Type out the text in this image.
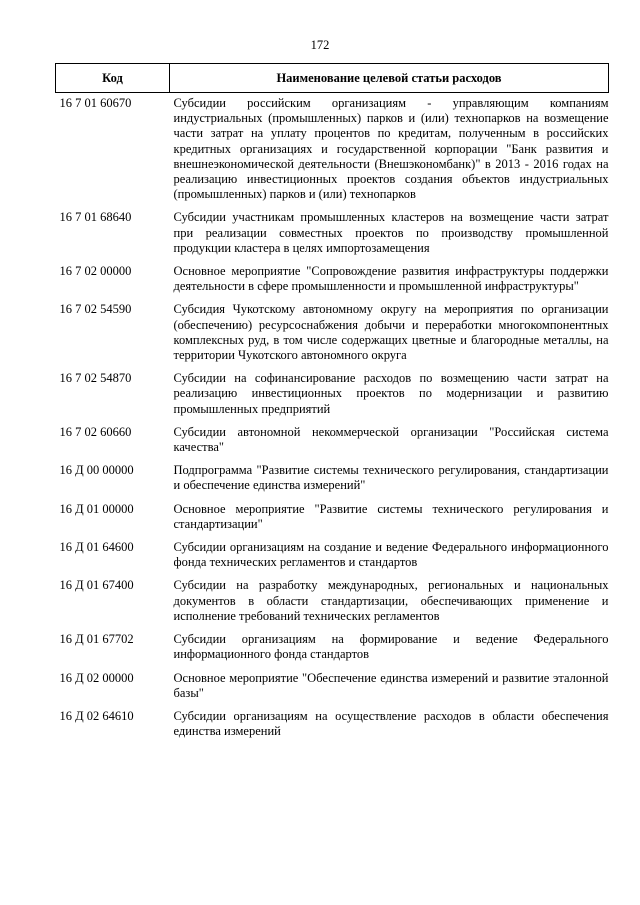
172
Код	Наименование целевой статьи расходов
16 7 01 60670	Субсидии российским организациям - управляющим компаниям индустриальных (промышленных) парков и (или) технопарков на возмещение части затрат на уплату процентов по кредитам, полученным в российских кредитных организациях и государственной корпорации "Банк развития и внешнеэкономической деятельности (Внешэкономбанк)" в 2013 - 2016 годах на реализацию инвестиционных проектов создания объектов индустриальных (промышленных) парков и (или) технопарков
16 7 01 68640	Субсидии участникам промышленных кластеров на возмещение части затрат при реализации совместных проектов по производству промышленной продукции кластера в целях импортозамещения
16 7 02 00000	Основное мероприятие "Сопровождение развития инфраструктуры поддержки деятельности в сфере промышленности и промышленной инфраструктуры"
16 7 02 54590	Субсидия Чукотскому автономному округу на мероприятия по организации (обеспечению) ресурсоснабжения добычи и переработки многокомпонентных комплексных руд, в том числе содержащих цветные и благородные металлы, на территории Чукотского автономного округа
16 7 02 54870	Субсидии на софинансирование расходов по возмещению части затрат на реализацию инвестиционных проектов по модернизации и развитию промышленных предприятий
16 7 02 60660	Субсидии автономной некоммерческой организации "Российская система качества"
16 Д 00 00000	Подпрограмма "Развитие системы технического регулирования, стандартизации и обеспечение единства измерений"
16 Д 01 00000	Основное мероприятие "Развитие системы технического регулирования и стандартизации"
16 Д 01 64600	Субсидии организациям на создание и ведение Федерального информационного фонда технических регламентов и стандартов
16 Д 01 67400	Субсидии на разработку международных, региональных и национальных документов в области стандартизации, обеспечивающих применение и исполнение требований технических регламентов
16 Д 01 67702	Субсидии организациям на формирование и ведение Федерального информационного фонда стандартов
16 Д 02 00000	Основное мероприятие "Обеспечение единства измерений и развитие эталонной базы"
16 Д 02 64610	Субсидии организациям на осуществление расходов в области обеспечения единства измерений
